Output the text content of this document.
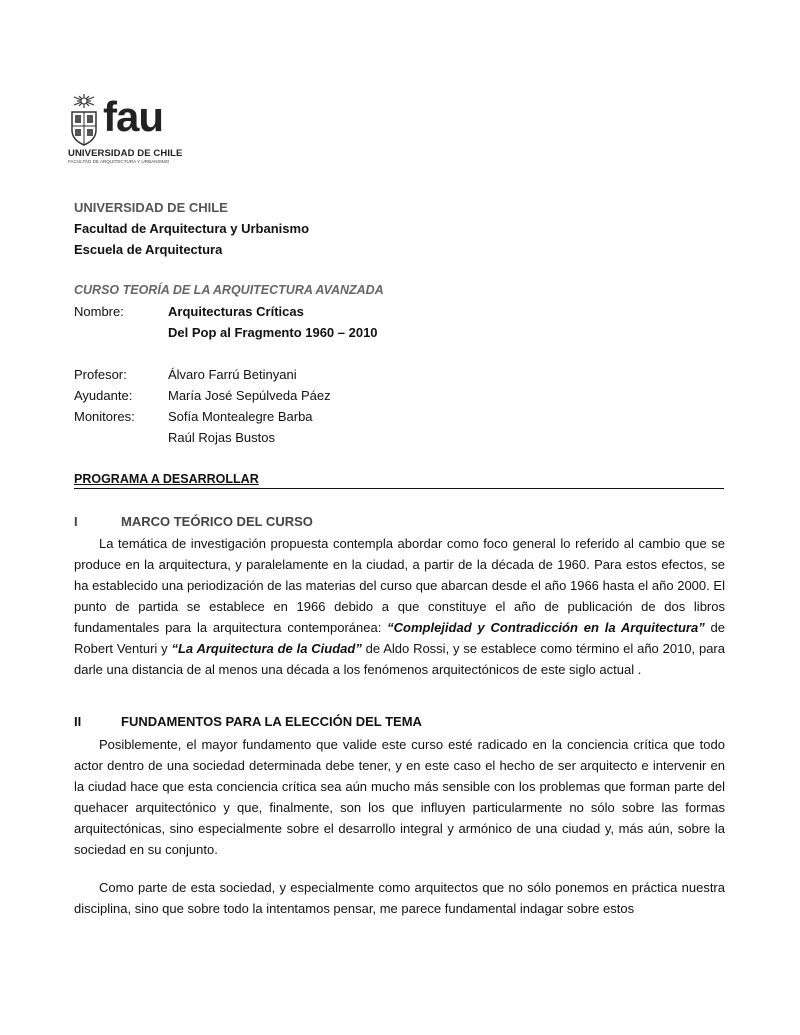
fau
UNIVERSIDAD DE CHILE
FACULTAD DE ARQUITECTURA Y URBANISMO
UNIVERSIDAD DE CHILE
Facultad de Arquitectura y Urbanismo
Escuela de Arquitectura
CURSO TEORÍA DE LA ARQUITECTURA AVANZADA
Nombre:	Arquitecturas Críticas
Del Pop al Fragmento 1960 – 2010
Profesor:	Álvaro Farrú Betinyani
Ayudante:	María José Sepúlveda Páez
Monitores:	Sofía Montealegre Barba
Raúl Rojas Bustos
PROGRAMA A DESARROLLAR
I	MARCO TEÓRICO DEL CURSO

La temática de investigación propuesta contempla abordar como foco general lo referido al cambio que se produce en la arquitectura, y paralelamente en la ciudad, a partir de la década de 1960. Para estos efectos, se ha establecido una periodización de las materias del curso que abarcan desde el año 1966 hasta el año 2000. El punto de partida se establece en 1966 debido a que constituye el año de publicación de dos libros fundamentales para la arquitectura contemporánea: “Complejidad y Contradicción en la Arquitectura” de Robert Venturi y “La Arquitectura de la Ciudad” de Aldo Rossi, y se establece como término el año 2010, para darle una distancia de al menos una década a los fenómenos arquitectónicos de este siglo actual .

II	FUNDAMENTOS PARA LA ELECCIÓN DEL TEMA

Posiblemente, el mayor fundamento que valide este curso esté radicado en la conciencia crítica que todo actor dentro de una sociedad determinada debe tener, y en este caso el hecho de ser arquitecto e intervenir en la ciudad hace que esta conciencia crítica sea aún mucho más sensible con los problemas que forman parte del quehacer arquitectónico y que, finalmente, son los que influyen particularmente no sólo sobre las formas arquitectónicas, sino especialmente sobre el desarrollo integral y armónico de una ciudad y, más aún, sobre la sociedad en su conjunto.

Como parte de esta sociedad, y especialmente como arquitectos que no sólo ponemos en práctica nuestra disciplina, sino que sobre todo la intentamos pensar, me parece fundamental indagar sobre estos
